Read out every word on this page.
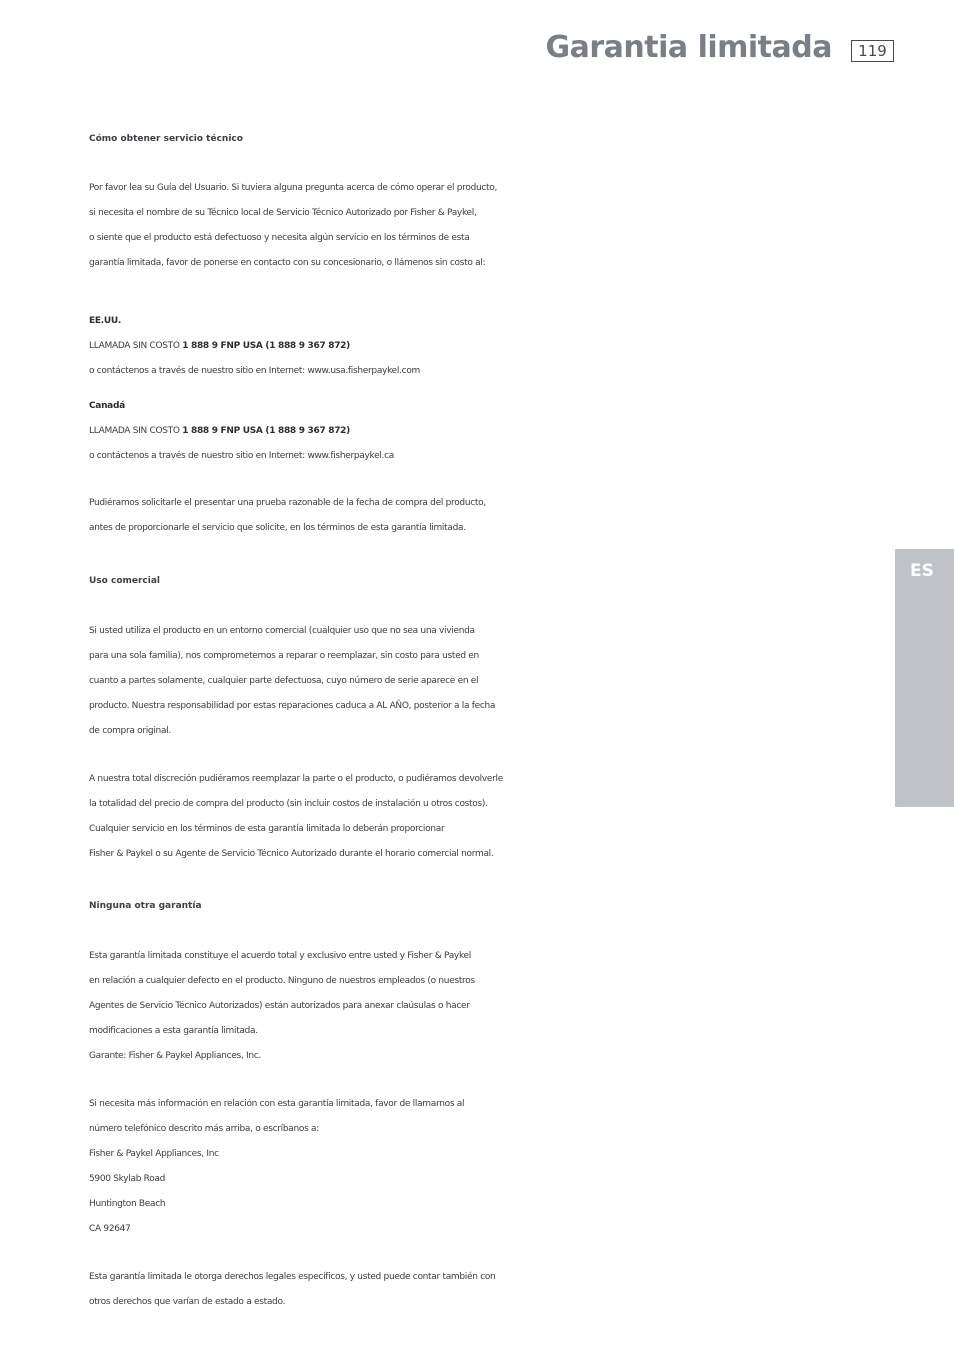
Garantia limitada	119
ES
Cómo obtener servicio técnico
Por favor lea su Guía del Usuario. Si tuviera alguna pregunta acerca de cómo operar el producto,
si necesita el nombre de su Técnico local de Servicio Técnico Autorizado por Fisher & Paykel,
o siente que el producto está defectuoso y necesita algún servicio en los términos de esta
garantía limitada, favor de ponerse en contacto con su concesionario, o llámenos sin costo al:
EE.UU.
LLAMADA SIN COSTO 1 888 9 FNP USA (1 888 9 367 872)
o contáctenos a través de nuestro sitio en Internet: www.usa.fisherpaykel.com
Canadá
LLAMADA SIN COSTO 1 888 9 FNP USA (1 888 9 367 872)
o contáctenos a través de nuestro sitio en Internet: www.fisherpaykel.ca
Pudiéramos solicitarle el presentar una prueba razonable de la fecha de compra del producto,
antes de proporcionarle el servicio que solicite, en los términos de esta garantía limitada.
Uso comercial
Si usted utiliza el producto en un entorno comercial (cualquier uso que no sea una vivienda
para una sola familia), nos comprometemos a reparar o reemplazar, sin costo para usted en
cuanto a partes solamente, cualquier parte defectuosa, cuyo número de serie aparece en el
producto. Nuestra responsabilidad por estas reparaciones caduca a AL AÑO, posterior a la fecha
de compra original.
A nuestra total discreción pudiéramos reemplazar la parte o el producto, o pudiéramos devolverle
la totalidad del precio de compra del producto (sin incluir costos de instalación u otros costos).
Cualquier servicio en los términos de esta garantía limitada lo deberán proporcionar
Fisher & Paykel o su Agente de Servicio Técnico Autorizado durante el horario comercial normal.
Ninguna otra garantía
Esta garantía limitada constituye el acuerdo total y exclusivo entre usted y Fisher & Paykel
en relación a cualquier defecto en el producto. Ninguno de nuestros empleados (o nuestros
Agentes de Servicio Técnico Autorizados) están autorizados para anexar claúsulas o hacer
modificaciones a esta garantía limitada.
Garante: Fisher & Paykel Appliances, Inc.
Si necesita más información en relación con esta garantía limitada, favor de llamarnos al
número telefónico descrito más arriba, o escríbanos a:
Fisher & Paykel Appliances, Inc
5900 Skylab Road
Huntington Beach
CA 92647
Esta garantía limitada le otorga derechos legales específicos, y usted puede contar también con
otros derechos que varían de estado a estado.
